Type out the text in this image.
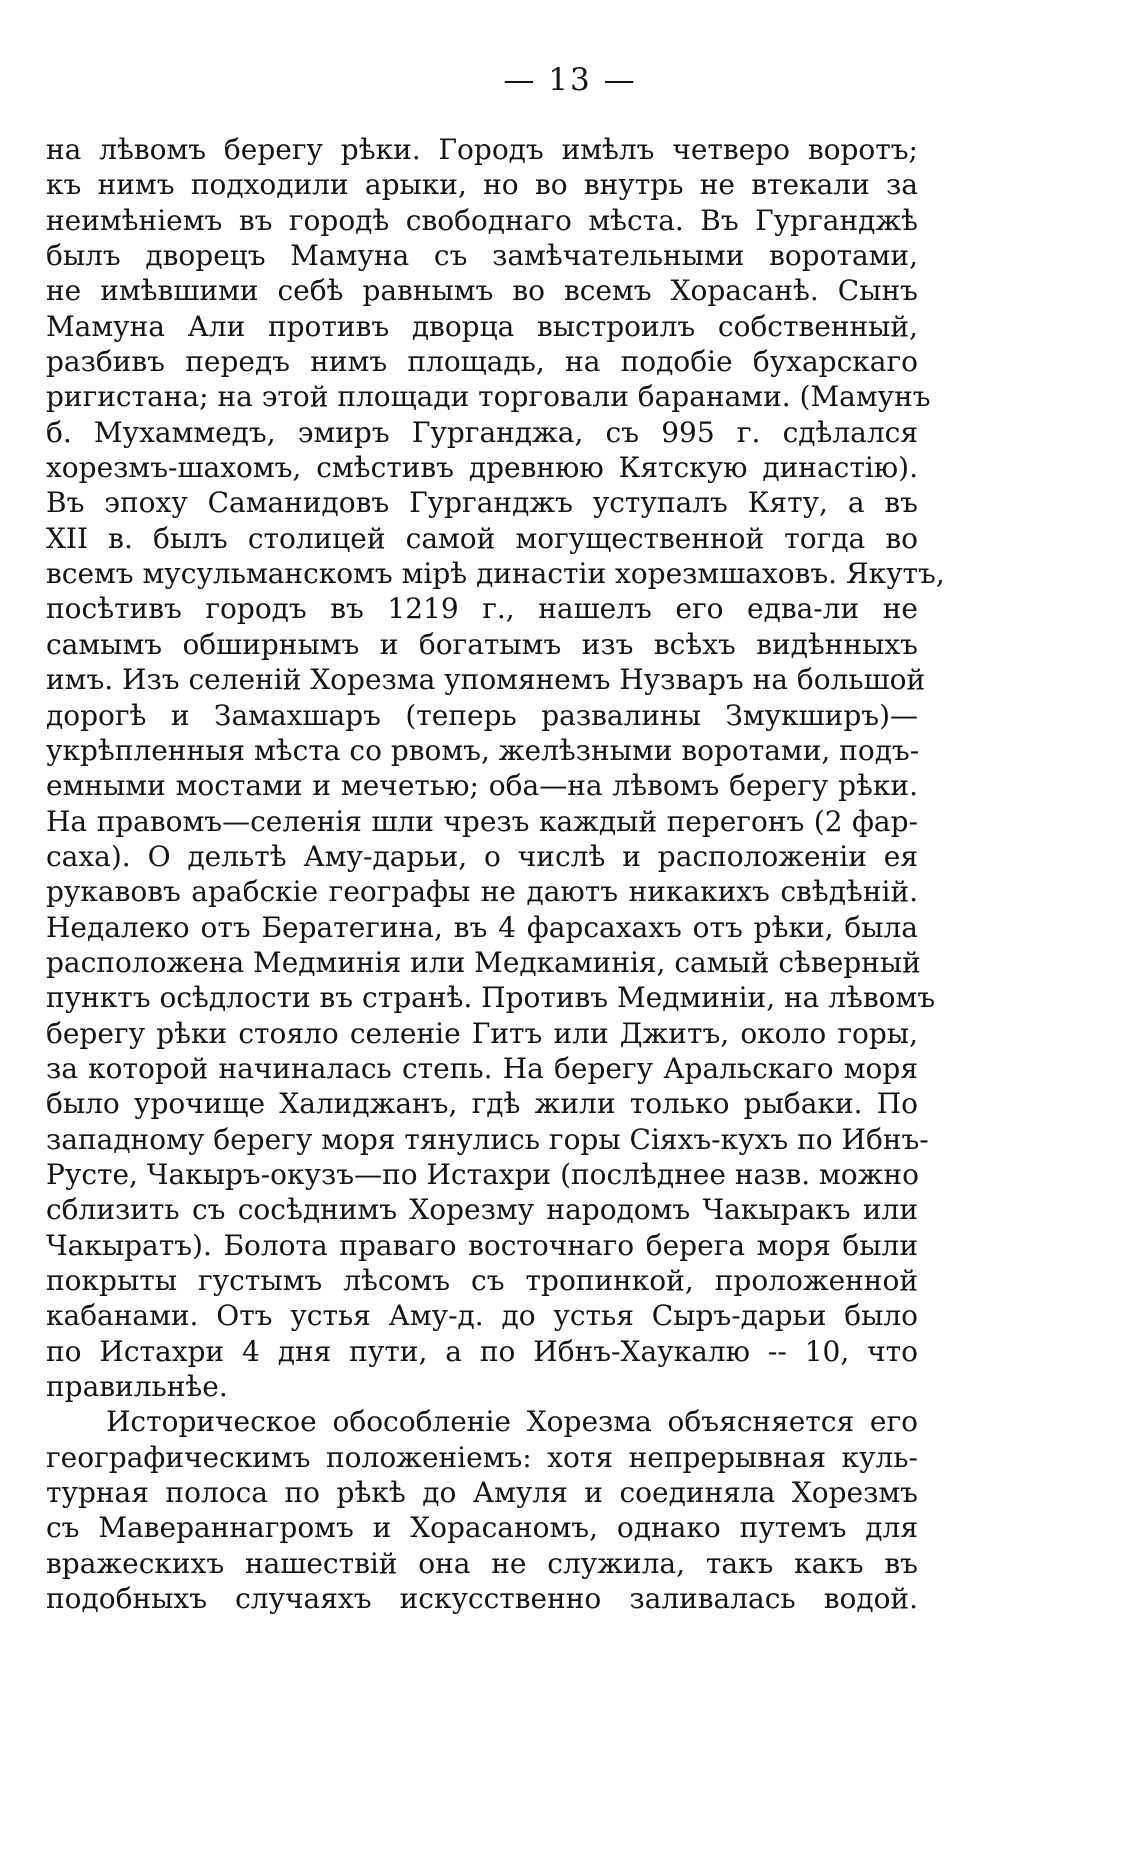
— 13 —
на лѣвомъ берегу рѣки. Городъ имѣлъ четверо воротъ;
къ нимъ подходили арыки, но во внутрь не втекали за
неимѣніемъ въ городѣ свободнаго мѣста. Въ Гурганджѣ
былъ дворецъ Мамуна съ замѣчательными воротами,
не имѣвшими себѣ равнымъ во всемъ Хорасанѣ. Сынъ
Мамуна Али противъ дворца выстроилъ собственный,
разбивъ передъ нимъ площадь, на подобіе бухарскаго
ригистана; на этой площади торговали баранами. (Мамунъ
б. Мухаммедъ, эмиръ Гурганджа, съ 995 г. сдѣлался
хорезмъ-шахомъ, смѣстивъ древнюю Кятскую династію).
Въ эпоху Саманидовъ Гурганджъ уступалъ Кяту, а въ
XII в. былъ столицей самой могущественной тогда во
всемъ мусульманскомъ мірѣ династіи хорезмшаховъ. Якутъ,
посѣтивъ городъ въ 1219 г., нашелъ его едва-ли не
самымъ обширнымъ и богатымъ изъ всѣхъ видѣнныхъ
имъ. Изъ селеній Хорезма упомянемъ Нузваръ на большой
дорогѣ и Замахшаръ (теперь развалины Змукширъ)—
укрѣпленныя мѣста со рвомъ, желѣзными воротами, подъ-
емными мостами и мечетью; оба—на лѣвомъ берегу рѣки.
На правомъ—селенія шли чрезъ каждый перегонъ (2 фар-
саха). О дельтѣ Аму-дарьи, о числѣ и расположеніи ея
рукавовъ арабскіе географы не даютъ никакихъ свѣдѣній.
Недалеко отъ Бератегина, въ 4 фарсахахъ отъ рѣки, была
расположена Медминія или Медкаминія, самый сѣверный
пунктъ осѣдлости въ странѣ. Противъ Медминіи, на лѣвомъ
берегу рѣки стояло селеніе Гитъ или Джитъ, около горы,
за которой начиналась степь. На берегу Аральскаго моря
было урочище Халиджанъ, гдѣ жили только рыбаки. По
западному берегу моря тянулись горы Сіяхъ-кухъ по Ибнъ-
Русте, Чакыръ-окузъ—по Истахри (послѣднее назв. можно
сблизить съ сосѣднимъ Хорезму народомъ Чакыракъ или
Чакыратъ). Болота праваго восточнаго берега моря были
покрыты густымъ лѣсомъ съ тропинкой, проложенной
кабанами. Отъ устья Аму-д. до устья Сыръ-дарьи было
по Истахри 4 дня пути, а по Ибнъ-Хаукалю -- 10, что
правильнѣе.
Историческое обособленіе Хорезма объясняется его
географическимъ положеніемъ: хотя непрерывная куль-
турная полоса по рѣкѣ до Амуля и соединяла Хорезмъ
съ Мавераннагромъ и Хорасаномъ, однако путемъ для
вражескихъ нашествій она не служила, такъ какъ въ
подобныхъ случаяхъ искусственно заливалась водой.
